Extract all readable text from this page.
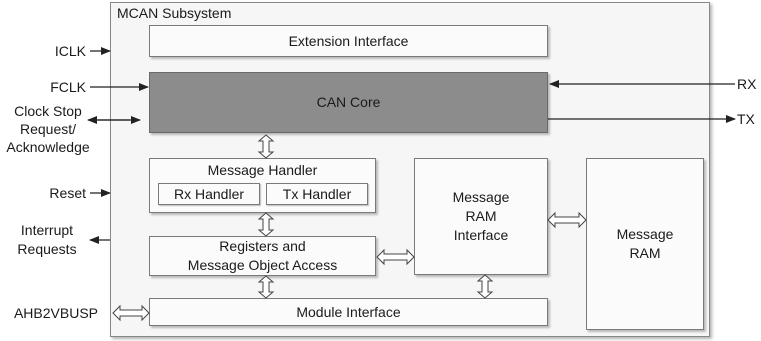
MCAN Subsystem
Extension Interface
CAN Core
Message Handler
Rx Handler	Tx Handler
Registers and
Message Object Access
Module Interface
Message
RAM
Interface	Message
RAM
ICLK
FCLK
Clock Stop
Request/
Acknowledge
Reset
Interrupt
Requests
AHB2VBUSP
RX
TX
